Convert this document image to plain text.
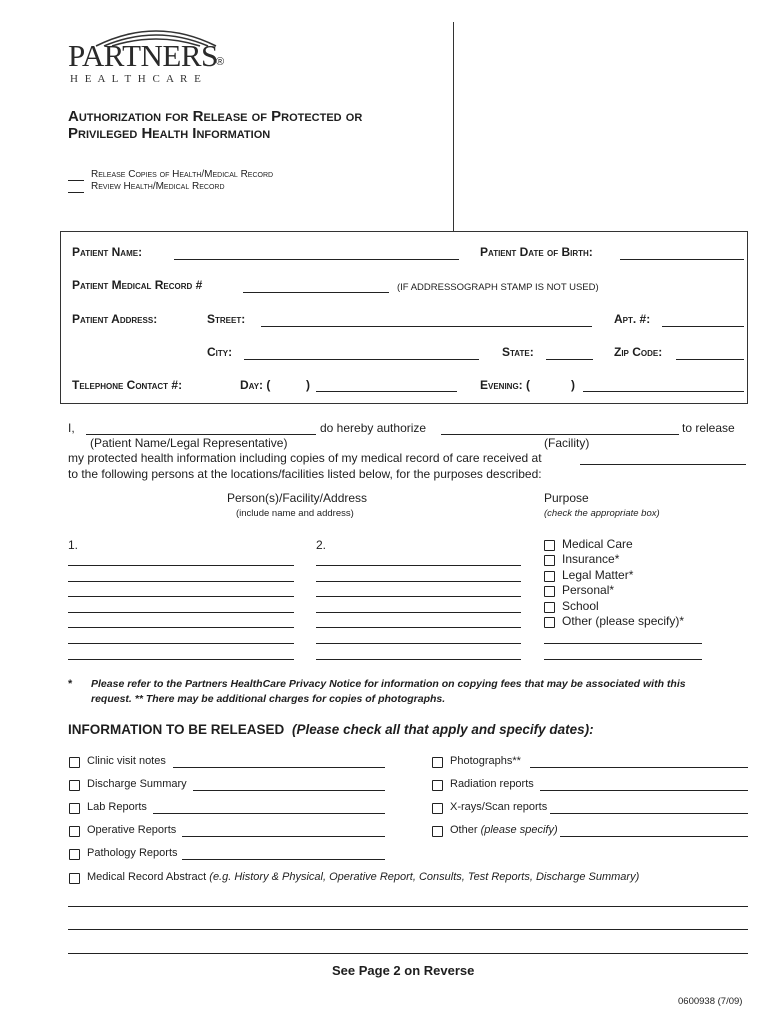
PARTNERS
®
H E A L T H C A R E
Authorization for Release of Protected or
Privileged Health Information
Release Copies of Health/Medical Record
Review Health/Medical Record
Patient Name:	Patient Date of Birth:
Patient Medical Record #	(IF ADDRESSOGRAPH STAMP IS NOT USED)
Patient Address:	Street:	Apt. #:
City:	State:	Zip Code:
Telephone Contact #:	Day: (	)	Evening: (	)
I,	do hereby authorize	to release
(Patient Name/Legal Representative)	(Facility)
my protected health information including copies of my medical record of care received at
to the following persons at the locations/facilities listed below, for the purposes described:
Person(s)/Facility/Address
(include name and address)
Purpose
(check the appropriate box)
1.	2.	Medical Care
Insurance*
Legal Matter*
Personal*
School
Other (please specify)*
* Please refer to the Partners HealthCare Privacy Notice for information on copying fees that may be associated with this
request. ** There may be additional charges for copies of photographs.
INFORMATION TO BE RELEASED (Please check all that apply and specify dates):
Clinic visit notes
Discharge Summary
Lab Reports
Operative Reports
Pathology Reports
Photographs**
Radiation reports
X-rays/Scan reports
Other (please specify)
Medical Record Abstract (e.g. History & Physical, Operative Report, Consults, Test Reports, Discharge Summary)
See Page 2 on Reverse
0600938 (7/09)
